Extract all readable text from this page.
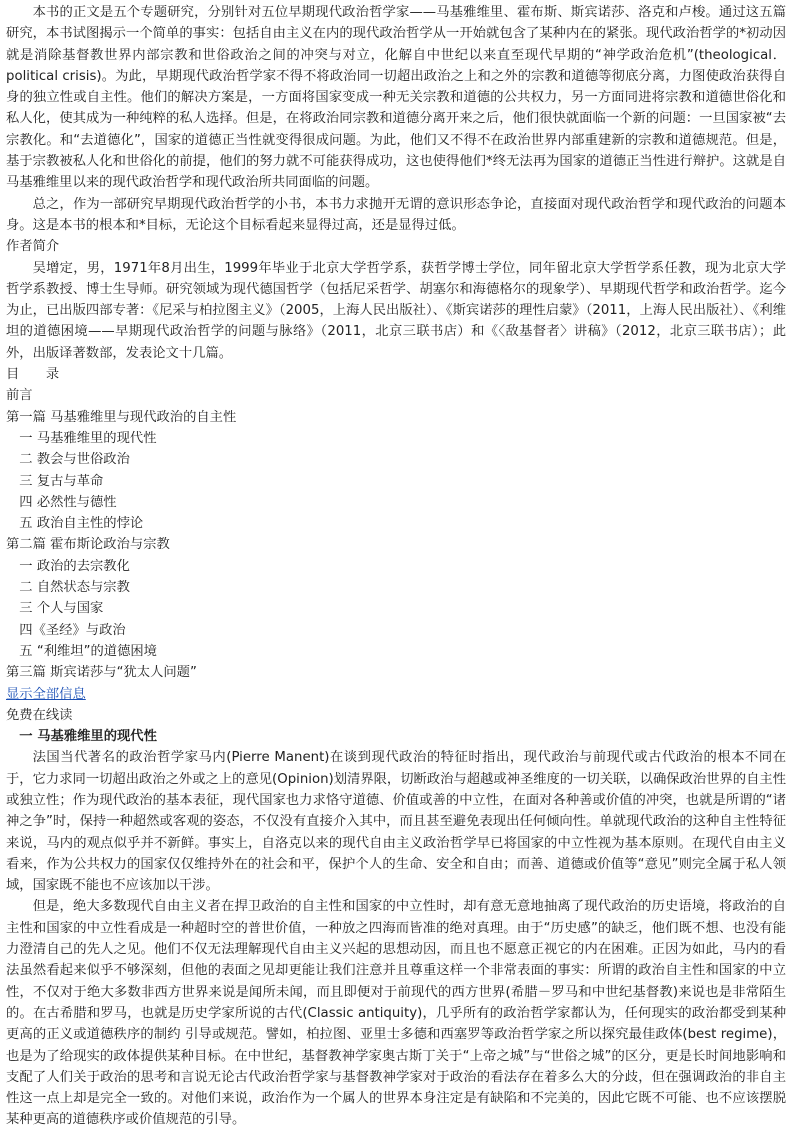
本书的正文是五个专题研究，分别针对五位早期现代政治哲学家——马基雅维里、霍布斯、斯宾诺莎、洛克和卢梭。通过这五篇研究，本书试图揭示一个简单的事实：包括自由主义在内的现代政治哲学从一开始就包含了某种内在的紧张。现代政治哲学的*初动因就是消除基督教世界内部宗教和世俗政治之间的冲突与对立，化解自中世纪以来直至现代早期的“神学政治危机”(theological．political crisis)。为此，早期现代政治哲学家不得不将政治同一切超出政治之上和之外的宗教和道德等彻底分离，力图使政治获得自身的独立性或自主性。他们的解决方案是，一方面将国家变成一种无关宗教和道德的公共权力，另一方面同进将宗教和道德世俗化和私人化，使其成为一种纯粹的私人选择。但是，在将政治同宗教和道德分离开来之后，他们很快就面临一个新的问题：一旦国家被“去宗教化。和“去道德化”，国家的道德正当性就变得很成问题。为此，他们又不得不在政治世界内部重建新的宗教和道德规范。但是，基于宗教被私人化和世俗化的前提，他们的努力就不可能获得成功，这也使得他们*终无法再为国家的道德正当性进行辩护。这就是自马基雅维里以来的现代政治哲学和现代政治所共同面临的问题。

总之，作为一部研究早期现代政治哲学的小书，本书力求抛开无谓的意识形态争论，直接面对现代政治哲学和现代政治的问题本身。这是本书的根本和*目标，无论这个目标看起来显得过高，还是显得过低。

作者简介

吴增定，男，1971年8月出生，1999年毕业于北京大学哲学系，获哲学博士学位，同年留北京大学哲学系任教，现为北京大学哲学系教授、博士生导师。研究领域为现代德国哲学（包括尼采哲学、胡塞尔和海德格尔的现象学）、早期现代哲学和政治哲学。迄今为止，已出版四部专著：《尼采与柏拉图主义》（2005，上海人民出版社）、《斯宾诺莎的理性启蒙》（2011，上海人民出版社）、《利维坦的道德困境——早期现代政治哲学的问题与脉络》（2011，北京三联书店）和《〈敌基督者〉讲稿》（2012，北京三联书店）；此外，出版译著数部，发表论文十几篇。

目　　录
前言
第一篇 马基雅维里与现代政治的自主性
一 马基雅维里的现代性
二 教会与世俗政治
三 复古与革命
四 必然性与德性
五 政治自主性的悖论
第二篇 霍布斯论政治与宗教
一 政治的去宗教化
二 自然状态与宗教
三 个人与国家
四《圣经》与政治
五 “利维坦”的道德困境
第三篇 斯宾诺莎与“犹太人问题”
显示全部信息
免费在线读
一 马基雅维里的现代性

法国当代著名的政治哲学家马内(Pierre Manent)在谈到现代政治的特征时指出，现代政治与前现代或古代政治的根本不同在于，它力求同一切超出政治之外或之上的意见(Opinion)划清界限，切断政治与超越或神圣维度的一切关联，以确保政治世界的自主性或独立性；作为现代政治的基本表征，现代国家也力求恪守道德、价值或善的中立性，在面对各种善或价值的冲突，也就是所谓的“诸神之争”时，保持一种超然或客观的姿态，不仅没有直接介入其中，而且甚至避免表现出任何倾向性。单就现代政治的这种自主性特征来说，马内的观点似乎并不新鲜。事实上，自洛克以来的现代自由主义政治哲学早已将国家的中立性视为基本原则。在现代自由主义看来，作为公共权力的国家仅仅维持外在的社会和平，保护个人的生命、安全和自由；而善、道德或价值等“意见”则完全属于私人领域，国家既不能也不应该加以干涉。

但是，绝大多数现代自由主义者在捍卫政治的自主性和国家的中立性时，却有意无意地抽离了现代政治的历史语境，将政治的自主性和国家的中立性看成是一种超时空的普世价值，一种放之四海而皆准的绝对真理。由于“历史感”的缺乏，他们既不想、也没有能力澄清自己的先人之见。他们不仅无法理解现代自由主义兴起的思想动因，而且也不愿意正视它的内在困难。正因为如此，马内的看法虽然看起来似乎不够深刻，但他的表面之见却更能让我们注意并且尊重这样一个非常表面的事实：所谓的政治自主性和国家的中立性，不仅对于绝大多数非西方世界来说是闻所未闻，而且即便对于前现代的西方世界(希腊－罗马和中世纪基督教)来说也是非常陌生的。在古希腊和罗马，也就是历史学家所说的古代(Classic antiquity)，几乎所有的政治哲学家都认为，任何现实的政治都受到某种更高的正义或道德秩序的制约 引导或规范。譬如，柏拉图、亚里士多德和西塞罗等政治哲学家之所以探究最佳政体(best regime)，也是为了给现实的政体提供某种目标。在中世纪，基督教神学家奥古斯丁关于“上帝之城”与“世俗之城”的区分，更是长时间地影响和支配了人们关于政治的思考和言说无论古代政治哲学家与基督教神学家对于政治的看法存在着多么大的分歧，但在强调政治的非自主性这一点上却是完全一致的。对他们来说，政治作为一个属人的世界本身注定是有缺陷和不完美的，因此它既不可能、也不应该摆脱某种更高的道德秩序或价值规范的引导。
